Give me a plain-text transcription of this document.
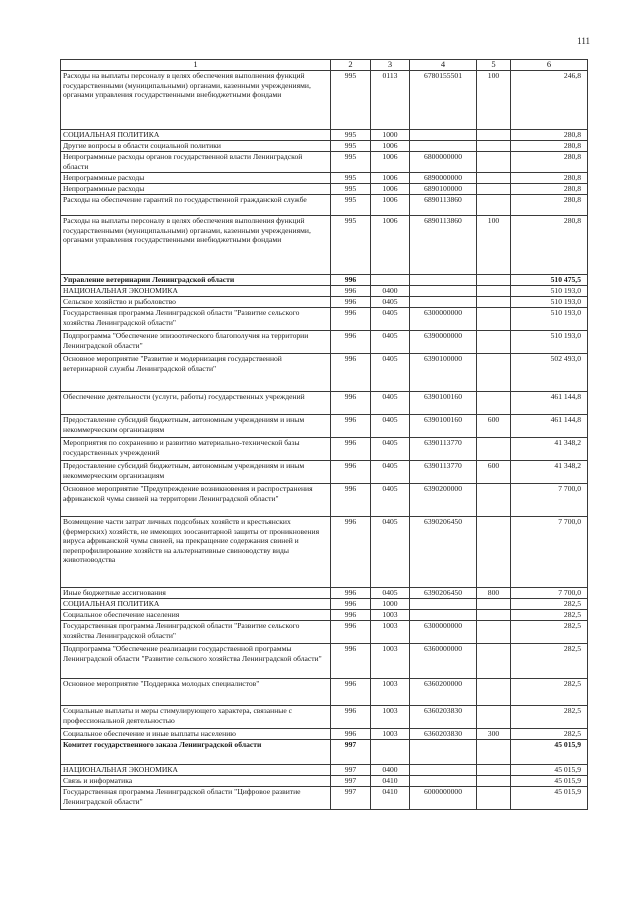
111
1	2	3	4	5	6
Расходы на выплаты персоналу в целях обеспечения выполнения функций государственными (муниципальными) органами, казенными учреждениями, органами управления государственными внебюджетными фондами	995	0113	6780155501	100	246,8
СОЦИАЛЬНАЯ ПОЛИТИКА	995	1000			280,8
Другие вопросы в области социальной политики	995	1006			280,8
Непрограммные расходы органов государственной власти Ленинградской области	995	1006	6800000000		280,8
Непрограммные расходы	995	1006	6890000000		280,8
Непрограммные расходы	995	1006	6890100000		280,8
Расходы на обеспечение гарантий по государственной гражданской службе	995	1006	6890113860		280,8
Расходы на выплаты персоналу в целях обеспечения выполнения функций государственными (муниципальными) органами, казенными учреждениями, органами управления государственными внебюджетными фондами	995	1006	6890113860	100	280,8
Управление ветеринарии Ленинградской области	996				510 475,5
НАЦИОНАЛЬНАЯ ЭКОНОМИКА	996	0400			510 193,0
Сельское хозяйство и рыболовство	996	0405			510 193,0
Государственная программа Ленинградской области "Развитие сельского хозяйства Ленинградской области"	996	0405	6300000000		510 193,0
Подпрограмма "Обеспечение эпизоотического благополучия на территории Ленинградской области"	996	0405	6390000000		510 193,0
Основное мероприятие "Развитие и модернизация государственной ветеринарной службы Ленинградской области"	996	0405	6390100000		502 493,0
Обеспечение деятельности (услуги, работы) государственных учреждений	996	0405	6390100160		461 144,8
Предоставление субсидий бюджетным, автономным учреждениям и иным некоммерческим организациям	996	0405	6390100160	600	461 144,8
Мероприятия по сохранению и развитию материально-технической базы государственных учреждений	996	0405	6390113770		41 348,2
Предоставление субсидий бюджетным, автономным учреждениям и иным некоммерческим организациям	996	0405	6390113770	600	41 348,2
Основное мероприятие "Предупреждение возникновения и распространения африканской чумы свиней на территории Ленинградской области"	996	0405	6390200000		7 700,0
Возмещение части затрат личных подсобных хозяйств и крестьянских (фермерских) хозяйств, не имеющих зоосанитарной защиты от проникновения вируса африканской чумы свиней, на прекращение содержания свиней и перепрофилирование хозяйств на альтернативные свиноводству виды животноводства	996	0405	6390206450		7 700,0
Иные бюджетные ассигнования	996	0405	6390206450	800	7 700,0
СОЦИАЛЬНАЯ ПОЛИТИКА	996	1000			282,5
Социальное обеспечение населения	996	1003			282,5
Государственная программа Ленинградской области "Развитие сельского хозяйства Ленинградской области"	996	1003	6300000000		282,5
Подпрограмма "Обеспечение реализации государственной программы Ленинградской области "Развитие сельского хозяйства Ленинградской области"	996	1003	6360000000		282,5
Основное мероприятие "Поддержка молодых специалистов"	996	1003	6360200000		282,5
Социальные выплаты и меры стимулирующего характера, связанные с профессиональной деятельностью	996	1003	6360203830		282,5
Социальное обеспечение и иные выплаты населению	996	1003	6360203830	300	282,5
Комитет государственного заказа Ленинградской области	997				45 015,9
НАЦИОНАЛЬНАЯ ЭКОНОМИКА	997	0400			45 015,9
Связь и информатика	997	0410			45 015,9
Государственная программа Ленинградской области "Цифровое развитие Ленинградской области"	997	0410	6000000000		45 015,9
